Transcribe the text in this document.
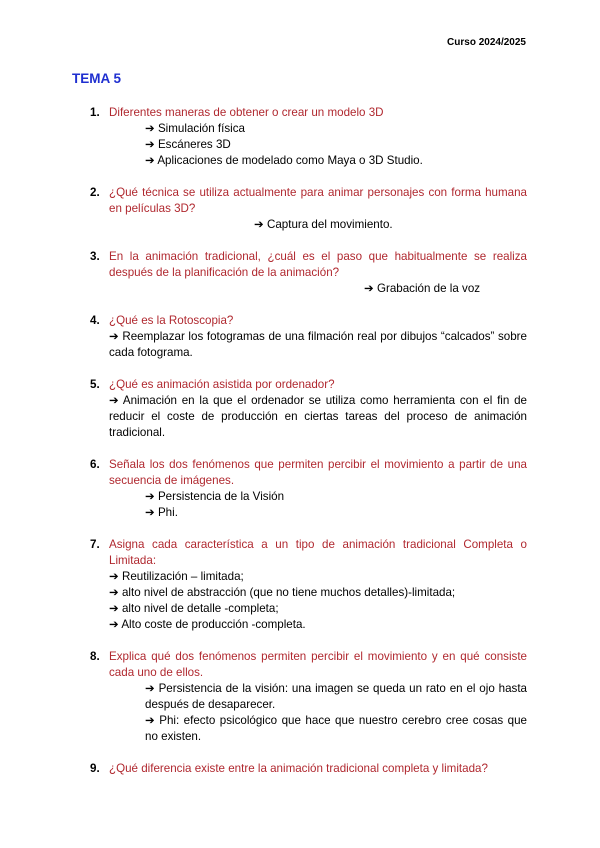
Curso 2024/2025
TEMA 5
1. Diferentes maneras de obtener o crear un modelo 3D
➔ Simulación física
➔ Escáneres 3D
➔ Aplicaciones de modelado como Maya o 3D Studio.
2. ¿Qué técnica se utiliza actualmente para animar personajes con forma humana en películas 3D?
➔ Captura del movimiento.
3. En la animación tradicional, ¿cuál es el paso que habitualmente se realiza después de la planificación de la animación?
➔ Grabación de la voz
4. ¿Qué es la Rotoscopia?
➔ Reemplazar los fotogramas de una filmación real por dibujos “calcados” sobre cada fotograma.
5. ¿Qué es animación asistida por ordenador?
➔ Animación en la que el ordenador se utiliza como herramienta con el fin de reducir el coste de producción en ciertas tareas del proceso de animación tradicional.
6. Señala los dos fenómenos que permiten percibir el movimiento a partir de una secuencia de imágenes.
➔ Persistencia de la Visión
➔ Phi.
7. Asigna cada característica a un tipo de animación tradicional Completa o Limitada:
➔ Reutilización – limitada;
➔ alto nivel de abstracción (que no tiene muchos detalles)-limitada;
➔ alto nivel de detalle -completa;
➔ Alto coste de producción -completa.
8. Explica qué dos fenómenos permiten percibir el movimiento y en qué consiste cada uno de ellos.
➔ Persistencia de la visión: una imagen se queda un rato en el ojo hasta después de desaparecer.
➔ Phi: efecto psicológico que hace que nuestro cerebro cree cosas que no existen.
9. ¿Qué diferencia existe entre la animación tradicional completa y limitada?
